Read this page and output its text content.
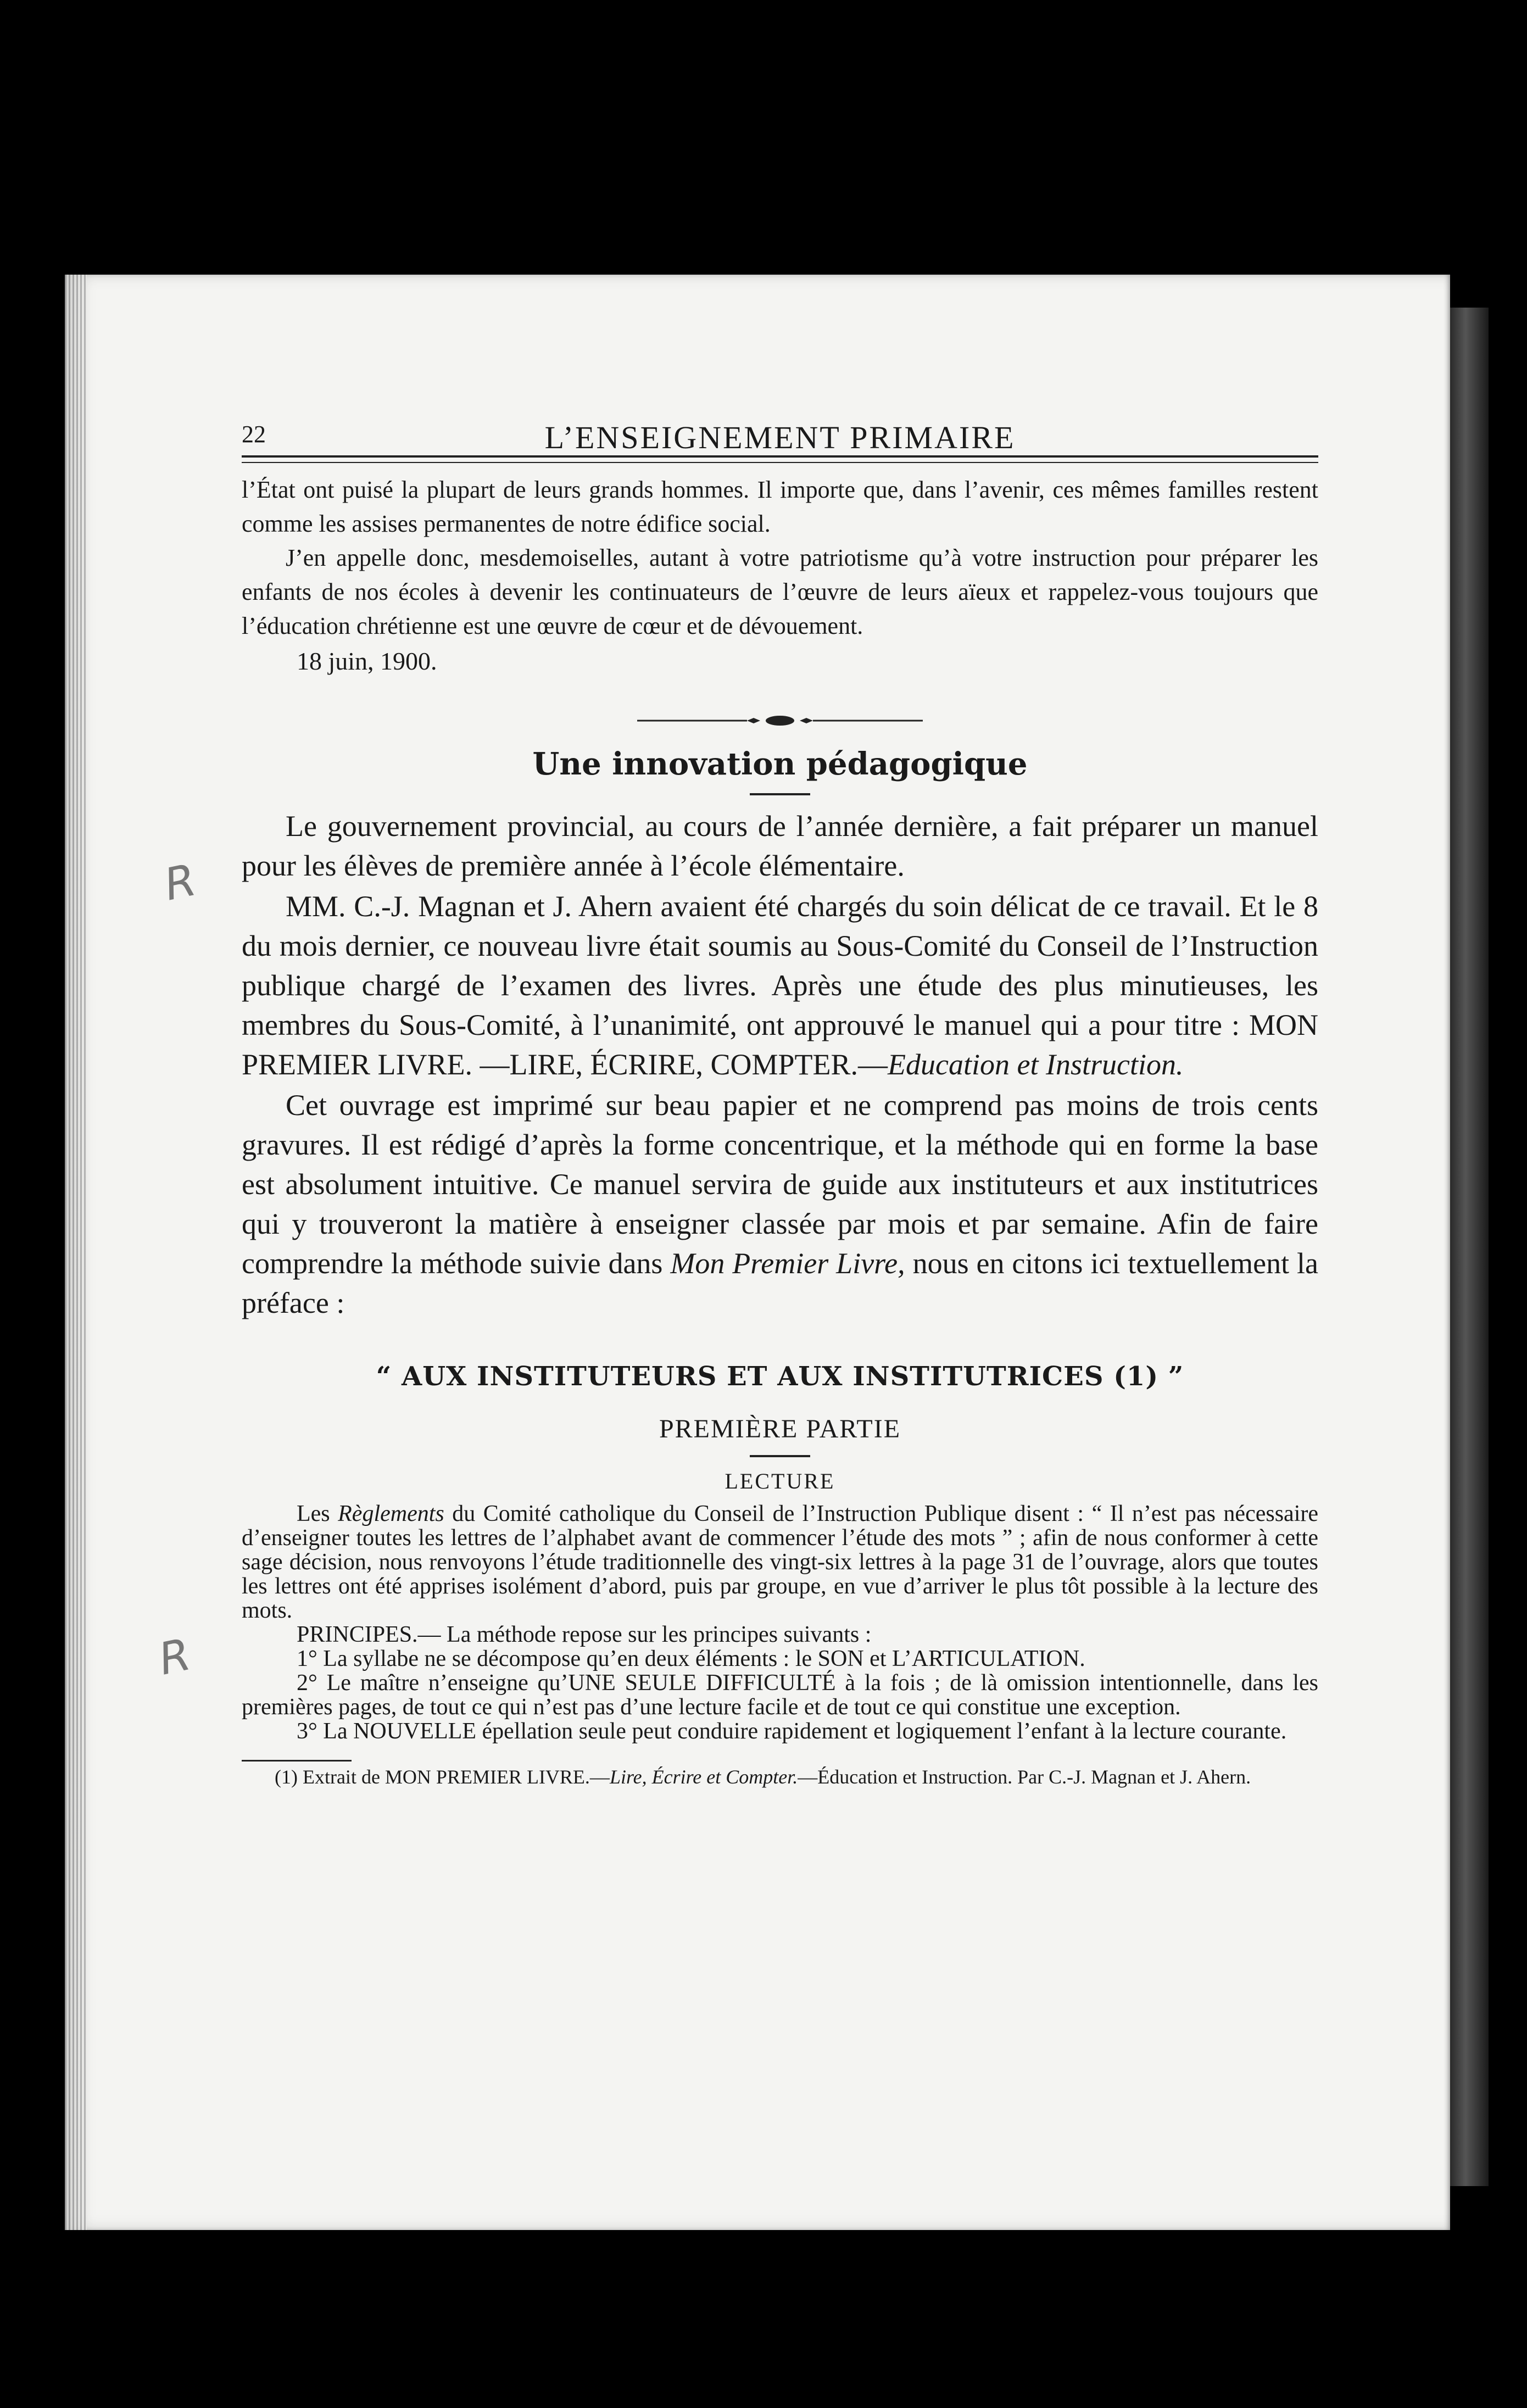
R
R
22	L’ENSEIGNEMENT PRIMAIRE

l’État ont puisé la plupart de leurs grands hommes. Il importe que, dans l’avenir, ces mêmes familles restent comme les assises permanentes de notre édifice social.

J’en appelle donc, mesdemoiselles, autant à votre patriotisme qu’à votre instruction pour préparer les enfants de nos écoles à devenir les continuateurs de l’œuvre de leurs aïeux et rappelez-vous toujours que l’éducation chrétienne est une œuvre de cœur et de dévouement.

18 juin, 1900.

Une innovation pédagogique

Le gouvernement provincial, au cours de l’année dernière, a fait préparer un manuel pour les élèves de première année à l’école élémentaire.

MM. C.-J. Magnan et J. Ahern avaient été chargés du soin délicat de ce travail. Et le 8 du mois dernier, ce nouveau livre était soumis au Sous-Comité du Conseil de l’Instruction publique chargé de l’examen des livres. Après une étude des plus minutieuses, les membres du Sous-Comité, à l’unanimité, ont approuvé le manuel qui a pour titre : MON PREMIER LIVRE. —LIRE, ÉCRIRE, COMPTER.—Education et Instruction.

Cet ouvrage est imprimé sur beau papier et ne comprend pas moins de trois cents gravures. Il est rédigé d’après la forme concentrique, et la méthode qui en forme la base est absolument intuitive. Ce manuel servira de guide aux instituteurs et aux institutrices qui y trouveront la matière à enseigner classée par mois et par semaine. Afin de faire comprendre la méthode suivie dans Mon Premier Livre, nous en citons ici textuellement la préface :

“ AUX INSTITUTEURS ET AUX INSTITUTRICES (1) ”

PREMIÈRE PARTIE

LECTURE

Les Règlements du Comité catholique du Conseil de l’Instruction Publique disent : “ Il n’est pas nécessaire d’enseigner toutes les lettres de l’alphabet avant de commencer l’étude des mots ” ; afin de nous conformer à cette sage décision, nous renvoyons l’étude traditionnelle des vingt-six lettres à la page 31 de l’ouvrage, alors que toutes les lettres ont été apprises isolément d’abord, puis par groupe, en vue d’arriver le plus tôt possible à la lecture des mots.

PRINCIPES.— La méthode repose sur les principes suivants :

1° La syllabe ne se décompose qu’en deux éléments : le SON et L’ARTICULATION.

2° Le maître n’enseigne qu’UNE SEULE DIFFICULTÉ à la fois ; de là omission intentionnelle, dans les premières pages, de tout ce qui n’est pas d’une lecture facile et de tout ce qui constitue une exception.

3° La NOUVELLE épellation seule peut conduire rapidement et logiquement l’enfant à la lecture courante.

(1) Extrait de MON PREMIER LIVRE.—Lire, Écrire et Compter.—Éducation et Instruction. Par C.-J. Magnan et J. Ahern.
